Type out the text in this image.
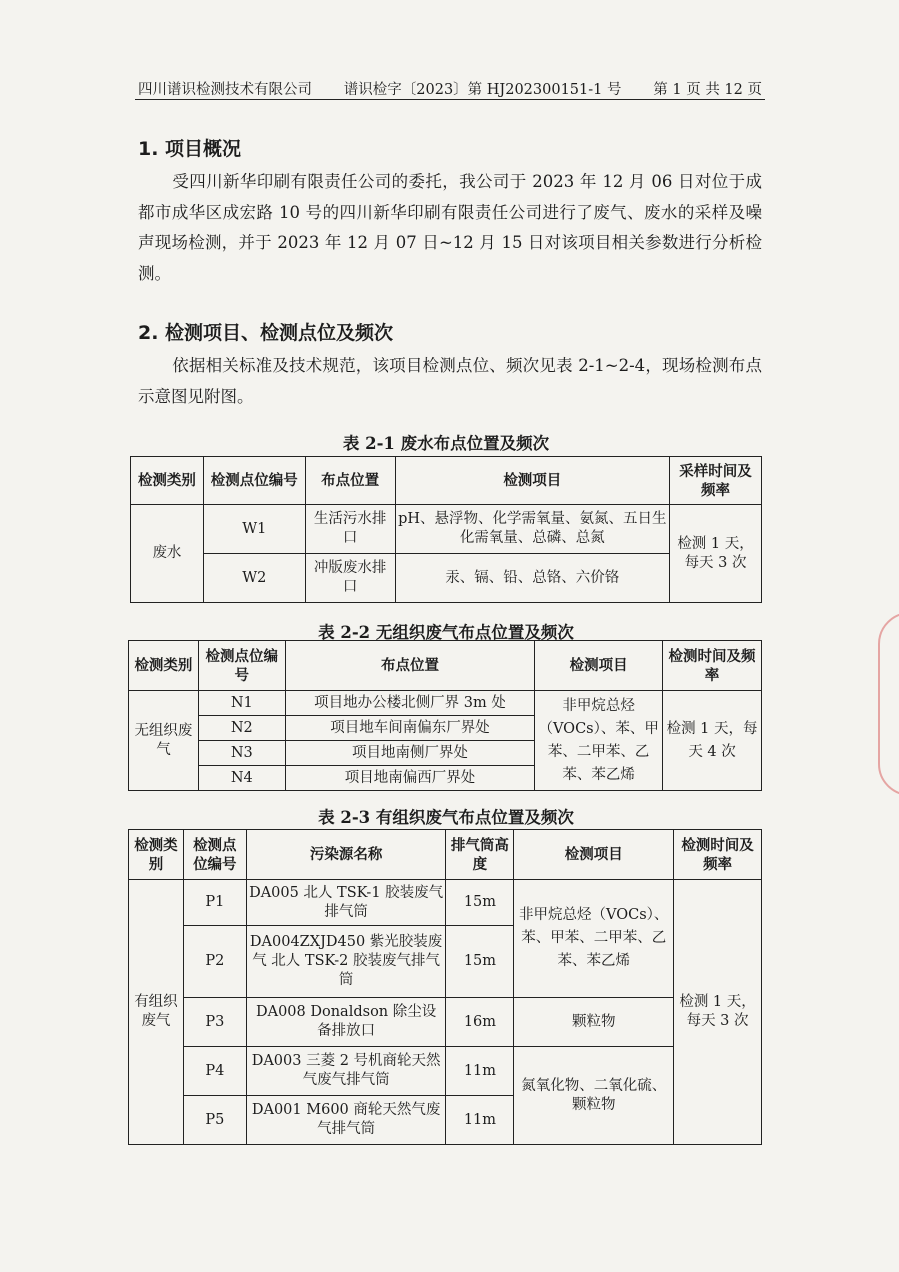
四川谱识检测技术有限公司 谱识检字〔2023〕第 HJ202300151-1 号 第 1 页 共 12 页
1. 项目概况

受四川新华印刷有限责任公司的委托，我公司于 2023 年 12 月 06 日对位于成都市成华区成宏路 10 号的四川新华印刷有限责任公司进行了废气、废水的采样及噪声现场检测，并于 2023 年 12 月 07 日~12 月 15 日对该项目相关参数进行分析检测。

2. 检测项目、检测点位及频次

依据相关标准及技术规范，该项目检测点位、频次见表 2-1~2-4，现场检测布点示意图见附图。

表 2-1 废水布点位置及频次
检测类别	检测点位编号	布点位置	检测项目	采样时间及频率
废水	W1	生活污水排口	pH、悬浮物、化学需氧量、氨氮、五日生化需氧量、总磷、总氮	检测 1 天，每天 3 次
	W2	冲版废水排口	汞、镉、铅、总铬、六价铬	
表 2-2 无组织废气布点位置及频次
检测类别	检测点位编号	布点位置	检测项目	检测时间及频率
无组织废气	N1	项目地办公楼北侧厂界 3m 处	非甲烷总烃（VOCs）、苯、甲苯、二甲苯、乙苯、苯乙烯	检测 1 天，每天 4 次
	N2	项目地车间南偏东厂界处		
	N3	项目地南侧厂界处		
	N4	项目地南偏西厂界处		
表 2-3 有组织废气布点位置及频次
检测类别	检测点位编号	污染源名称	排气筒高度	检测项目	检测时间及频率
有组织废气	P1	DA005 北人 TSK-1 胶装废气排气筒	15m	非甲烷总烃（VOCs）、苯、甲苯、二甲苯、乙苯、苯乙烯	检测 1 天，每天 3 次
	P2	DA004ZXJD450 紫光胶装废气 北人 TSK-2 胶装废气排气筒	15m		
	P3	DA008 Donaldson 除尘设备排放口	16m	颗粒物	
	P4	DA003 三菱 2 号机商轮天然气废气排气筒	11m	氮氧化物、二氧化硫、颗粒物	
	P5	DA001 M600 商轮天然气废气排气筒	11m		
